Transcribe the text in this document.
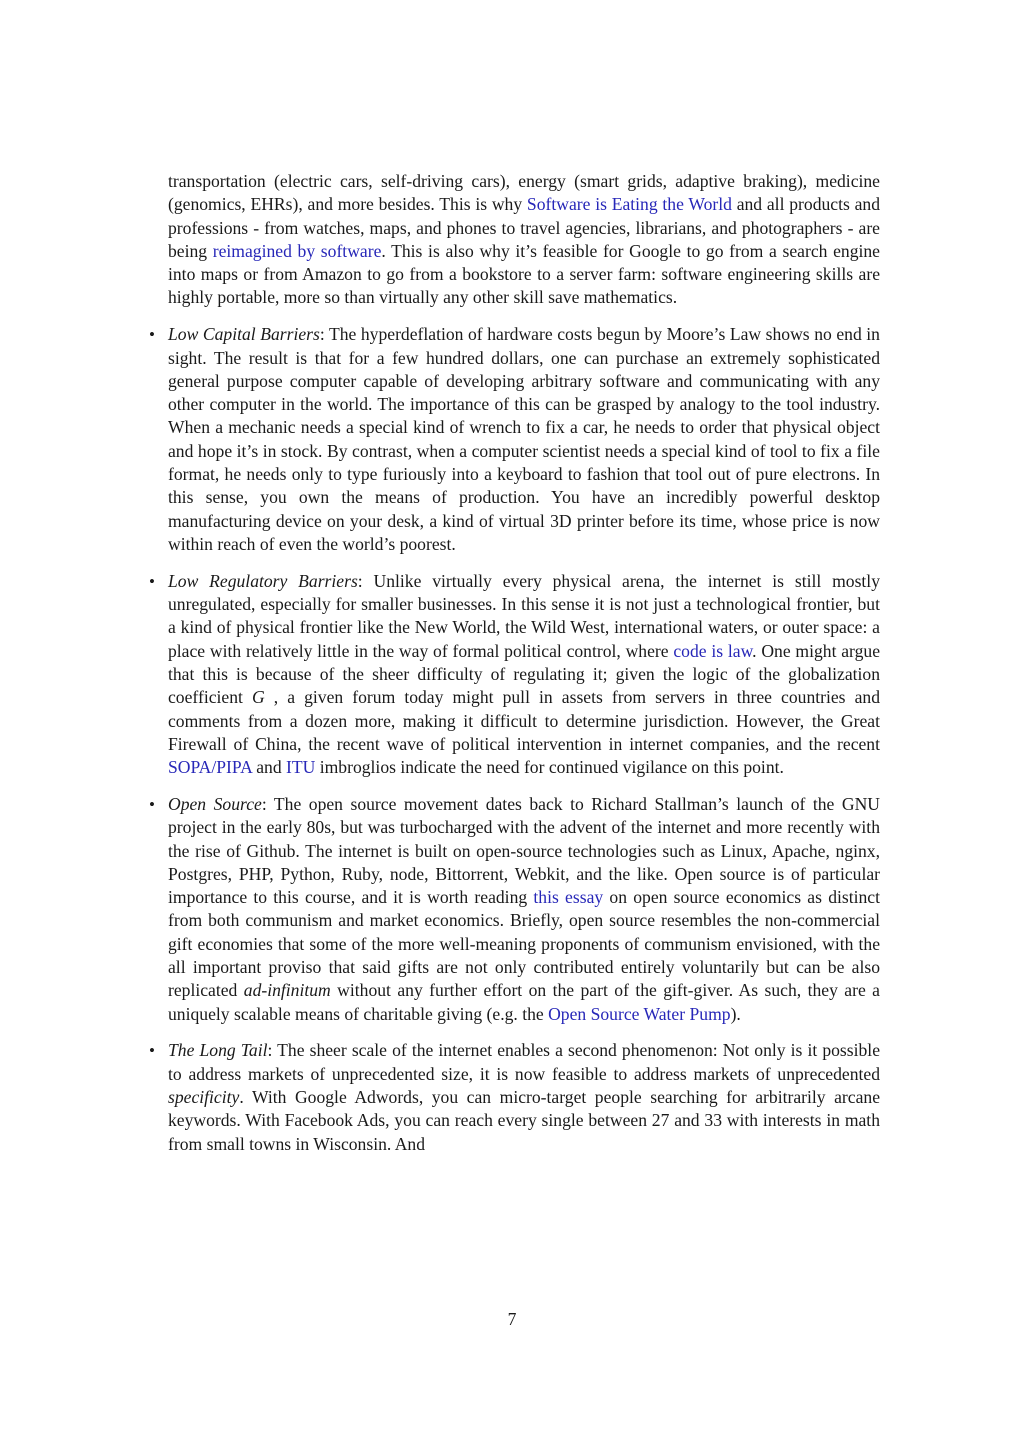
transportation (electric cars, self-driving cars), energy (smart grids, adaptive braking), medicine (genomics, EHRs), and more besides. This is why Software is Eating the World and all products and professions - from watches, maps, and phones to travel agencies, librarians, and photographers - are being reimagined by software. This is also why it’s feasible for Google to go from a search engine into maps or from Amazon to go from a bookstore to a server farm: software engineering skills are highly portable, more so than virtually any other skill save mathematics.

• Low Capital Barriers: The hyperdeflation of hardware costs begun by Moore’s Law shows no end in sight. The result is that for a few hundred dollars, one can purchase an extremely sophisticated general purpose computer capable of developing arbitrary software and communicating with any other computer in the world. The importance of this can be grasped by analogy to the tool industry. When a mechanic needs a special kind of wrench to fix a car, he needs to order that physical object and hope it’s in stock. By contrast, when a computer scientist needs a special kind of tool to fix a file format, he needs only to type furiously into a keyboard to fashion that tool out of pure electrons. In this sense, you own the means of production. You have an incredibly powerful desktop manufacturing device on your desk, a kind of virtual 3D printer before its time, whose price is now within reach of even the world’s poorest.
• Low Regulatory Barriers: Unlike virtually every physical arena, the internet is still mostly unregulated, especially for smaller businesses. In this sense it is not just a technological frontier, but a kind of physical frontier like the New World, the Wild West, international waters, or outer space: a place with relatively little in the way of formal political control, where code is law. One might argue that this is because of the sheer difficulty of regulating it; given the logic of the globalization coefficient G , a given forum today might pull in assets from servers in three countries and comments from a dozen more, making it difficult to determine jurisdiction. However, the Great Firewall of China, the recent wave of political intervention in internet companies, and the recent SOPA/PIPA and ITU imbroglios indicate the need for continued vigilance on this point.
• Open Source: The open source movement dates back to Richard Stallman’s launch of the GNU project in the early 80s, but was turbocharged with the advent of the internet and more recently with the rise of Github. The internet is built on open-source technologies such as Linux, Apache, nginx, Postgres, PHP, Python, Ruby, node, Bittorrent, Webkit, and the like. Open source is of particular importance to this course, and it is worth reading this essay on open source economics as distinct from both communism and market economics. Briefly, open source resembles the non-commercial gift economies that some of the more well-meaning proponents of communism envisioned, with the all important proviso that said gifts are not only contributed entirely voluntarily but can be also replicated ad-infinitum without any further effort on the part of the gift-giver. As such, they are a uniquely scalable means of charitable giving (e.g. the Open Source Water Pump).
• The Long Tail: The sheer scale of the internet enables a second phenomenon: Not only is it possible to address markets of unprecedented size, it is now feasible to address markets of unprecedented specificity. With Google Adwords, you can micro-target people searching for arbitrarily arcane keywords. With Facebook Ads, you can reach every single between 27 and 33 with interests in math from small towns in Wisconsin. And
7
